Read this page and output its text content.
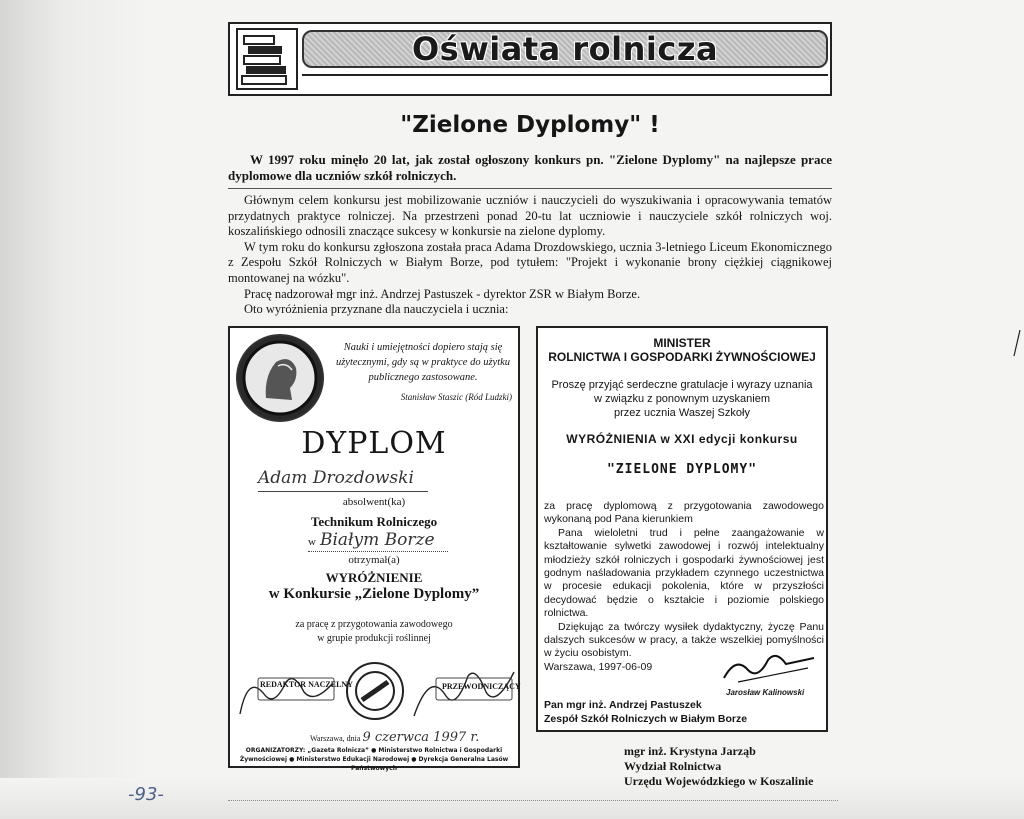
Oświata rolnicza
"Zielone Dyplomy" !
W 1997 roku minęło 20 lat, jak został ogłoszony konkurs pn. "Zielone Dyplomy" na najlepsze prace dyplomowe dla uczniów szkół rolniczych.

Głównym celem konkursu jest mobilizowanie uczniów i nauczycieli do wyszukiwania i opracowywania tematów przydatnych praktyce rolniczej. Na przestrzeni ponad 20-tu lat uczniowie i nauczyciele szkół rolniczych woj. koszalińskiego odnosili znaczące sukcesy w konkursie na zielone dyplomy.

W tym roku do konkursu zgłoszona została praca Adama Drozdowskiego, ucznia 3-letniego Liceum Ekonomicznego z Zespołu Szkół Rolniczych w Białym Borze, pod tytułem: "Projekt i wykonanie brony ciężkiej ciągnikowej montowanej na wózku".

Pracę nadzorował mgr inż. Andrzej Pastuszek - dyrektor ZSR w Białym Borze.

Oto wyróżnienia przyznane dla nauczyciela i ucznia:

Nauki i umiejętności dopiero stają się użytecznymi, gdy są w praktyce do użytku publicznego zastosowane.
Stanisław Staszic (Ród Ludzki)
DYPLOM
Adam Drozdowski
absolwent(ka)
Technikum Rolniczego
w Białym Borze
otrzymał(a)
WYRÓŻNIENIE
w Konkursie „Zielone Dyplomy”
za pracę z przygotowania zawodowego
w grupie produkcji roślinnej
REDAKTOR NACZELNY	PRZEWODNICZĄCY
Warszawa, dnia 9 czerwca 1997 r.
ORGANIZATORZY: „Gazeta Rolnicza” ● Ministerstwo Rolnictwa i Gospodarki Żywnościowej ● Ministerstwo Edukacji Narodowej ● Dyrekcja Generalna Lasów Państwowych
MINISTER
ROLNICTWA I GOSPODARKI ŻYWNOŚCIOWEJ
Proszę przyjąć serdeczne gratulacje i wyrazy uznania
w związku z ponownym uzyskaniem
przez ucznia Waszej Szkoły
WYRÓŻNIENIA w XXI edycji konkursu
"ZIELONE DYPLOMY"

za pracę dyplomową z przygotowania zawodowego wykonaną pod Pana kierunkiem

Pana wieloletni trud i pełne zaangażowanie w kształtowanie sylwetki zawodowej i rozwój intelektualny młodzieży szkół rolniczych i gospodarki żywnościowej jest godnym naśladowania przykładem czynnego uczestnictwa w procesie edukacji pokolenia, które w przyszłości decydować będzie o kształcie i poziomie polskiego rolnictwa.

Dziękując za twórczy wysiłek dydaktyczny, życzę Panu dalszych sukcesów w pracy, a także wszelkiej pomyślności w życiu osobistym.

Warszawa, 1997-06-09

Jarosław Kalinowski
Pan mgr inż. Andrzej Pastuszek
Zespół Szkół Rolniczych w Białym Borze
mgr inż. Krystyna Jarząb
Wydział Rolnictwa
Urzędu Wojewódzkiego w Koszalinie
-93-
